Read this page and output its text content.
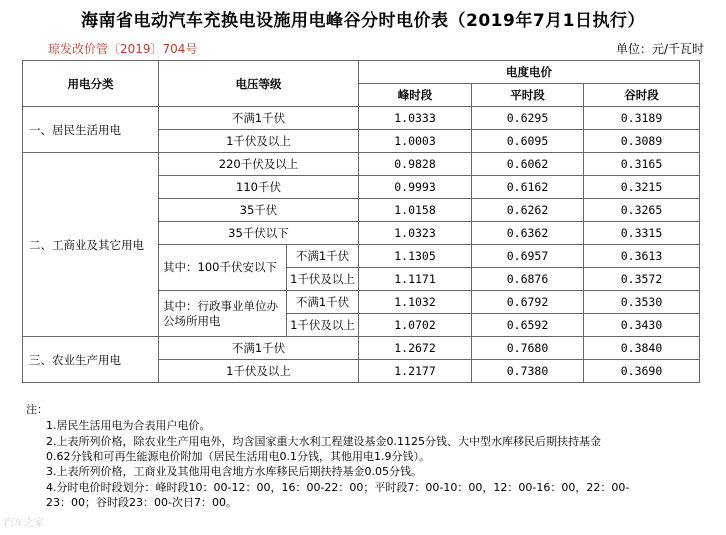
海南省电动汽车充换电设施用电峰谷分时电价表（2019年7月1日执行）
琼发改价管〔2019〕704号	单位：元/千瓦时
用电分类	电压等级		电度电价		
			峰时段	平时段	谷时段
一、居民生活用电	不满1千伏		1.0333	0.6295	0.3189
	1千伏及以上		1.0003	0.6095	0.3089
二、工商业及其它用电	220千伏及以上		0.9828	0.6062	0.3165
	110千伏		0.9993	0.6162	0.3215
	35千伏		1.0158	0.6262	0.3265
	35千伏以下		1.0323	0.6362	0.3315
	其中：100千伏安以下	不满1千伏	1.1305	0.6957	0.3613
		1千伏及以上	1.1171	0.6876	0.3572
	其中：行政事业单位办公场所用电	不满1千伏	1.1032	0.6792	0.3530
		1千伏及以上	1.0702	0.6592	0.3430
三、农业生产用电	不满1千伏		1.2672	0.7680	0.3840
	1千伏及以上		1.2177	0.7380	0.3690
注：
1.居民生活用电为合表用户电价。
2.上表所列价格，除农业生产用电外，均含国家重大水利工程建设基金0.1125分钱、大中型水库移民后期扶持基金
0.62分钱和可再生能源电价附加（居民生活用电0.1分钱，其他用电1.9分钱）。
3.上表所列价格，工商业及其他用电含地方水库移民后期扶持基金0.05分钱。
4.分时电价时段划分：峰时段10：00-12：00，16：00-22：00；平时段7：00-10：00，12：00-16：00，22：00-
23：00；谷时段23：00-次日7：00。
汽车之家
